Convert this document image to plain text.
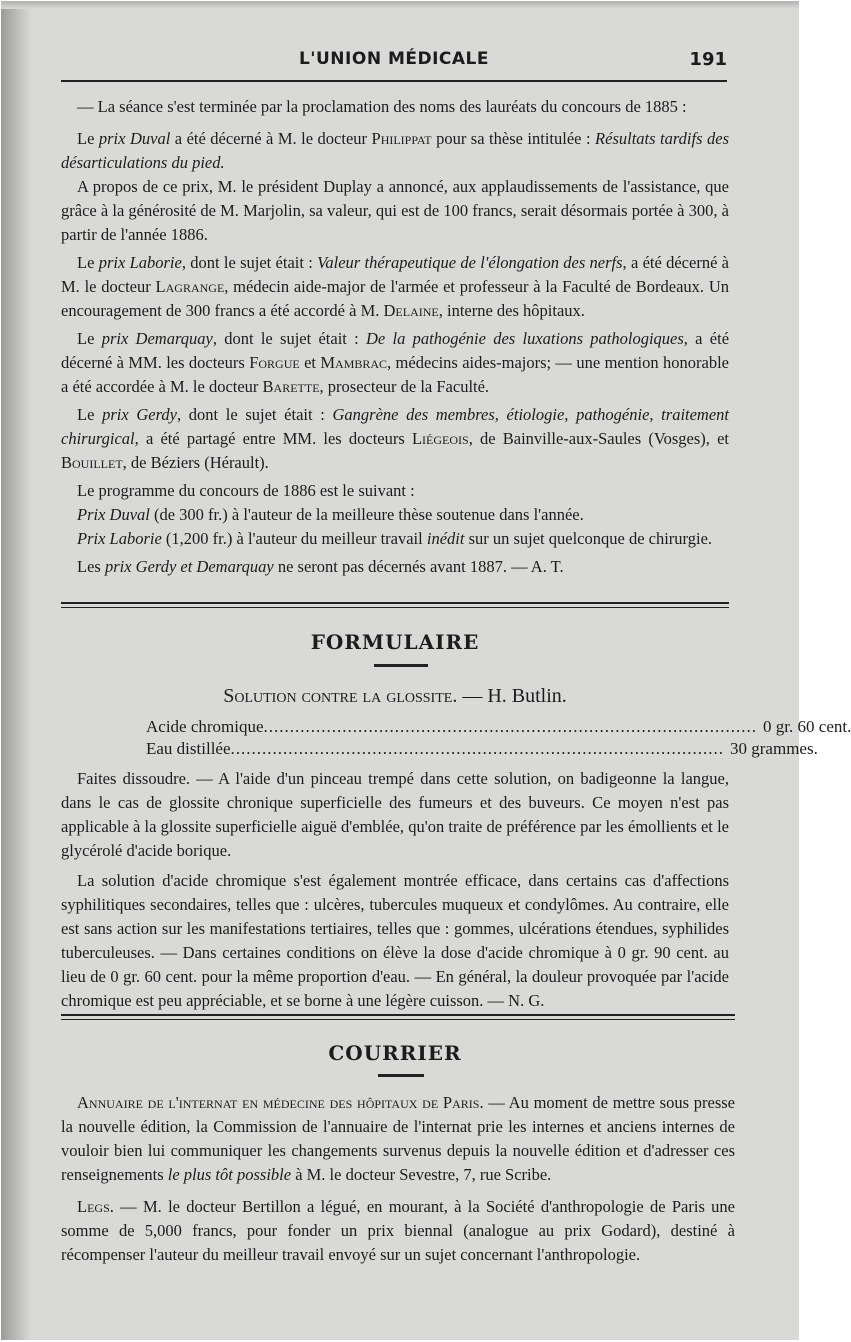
L'UNION MÉDICALE	191

— La séance s'est terminée par la proclamation des noms des lauréats du concours de 1885 :

Le prix Duval a été décerné à M. le docteur Philippat pour sa thèse intitulée : Résultats tardifs des désarticulations du pied.

A propos de ce prix, M. le président Duplay a annoncé, aux applaudissements de l'assistance, que grâce à la générosité de M. Marjolin, sa valeur, qui est de 100 francs, serait désormais portée à 300, à partir de l'année 1886.

Le prix Laborie, dont le sujet était : Valeur thérapeutique de l'élongation des nerfs, a été décerné à M. le docteur Lagrange, médecin aide-major de l'armée et professeur à la Faculté de Bordeaux. Un encouragement de 300 francs a été accordé à M. Delaine, interne des hôpitaux.

Le prix Demarquay, dont le sujet était : De la pathogénie des luxations pathologiques, a été décerné à MM. les docteurs Forgue et Mambrac, médecins aides-majors; — une mention honorable a été accordée à M. le docteur Barette, prosecteur de la Faculté.

Le prix Gerdy, dont le sujet était : Gangrène des membres, étiologie, pathogénie, traitement chirurgical, a été partagé entre MM. les docteurs Liégeois, de Bainville-aux-Saules (Vosges), et Bouillet, de Béziers (Hérault).

Le programme du concours de 1886 est le suivant :

Prix Duval (de 300 fr.) à l'auteur de la meilleure thèse soutenue dans l'année.

Prix Laborie (1,200 fr.) à l'auteur du meilleur travail inédit sur un sujet quelconque de chirurgie.

Les prix Gerdy et Demarquay ne seront pas décernés avant 1887. — A. T.

FORMULAIRE
Solution contre la glossite. — H. Butlin.
Acide chromique .............................................................................................. 0 gr. 60 cent.
Eau distillée .............................................................................................. 30 grammes.

Faites dissoudre. — A l'aide d'un pinceau trempé dans cette solution, on badigeonne la langue, dans le cas de glossite chronique superficielle des fumeurs et des buveurs. Ce moyen n'est pas applicable à la glossite superficielle aiguë d'emblée, qu'on traite de préférence par les émollients et le glycérolé d'acide borique.

La solution d'acide chromique s'est également montrée efficace, dans certains cas d'affections syphilitiques secondaires, telles que : ulcères, tubercules muqueux et condylômes. Au contraire, elle est sans action sur les manifestations tertiaires, telles que : gommes, ulcérations étendues, syphilides tuberculeuses. — Dans certaines conditions on élève la dose d'acide chromique à 0 gr. 90 cent. au lieu de 0 gr. 60 cent. pour la même proportion d'eau. — En général, la douleur provoquée par l'acide chromique est peu appréciable, et se borne à une légère cuisson. — N. G.

COURRIER

Annuaire de l'internat en médecine des hôpitaux de Paris. — Au moment de mettre sous presse la nouvelle édition, la Commission de l'annuaire de l'internat prie les internes et anciens internes de vouloir bien lui communiquer les changements survenus depuis la nouvelle édition et d'adresser ces renseignements le plus tôt possible à M. le docteur Sevestre, 7, rue Scribe.

Legs. — M. le docteur Bertillon a légué, en mourant, à la Société d'anthropologie de Paris une somme de 5,000 francs, pour fonder un prix biennal (analogue au prix Godard), destiné à récompenser l'auteur du meilleur travail envoyé sur un sujet concernant l'anthropologie.
